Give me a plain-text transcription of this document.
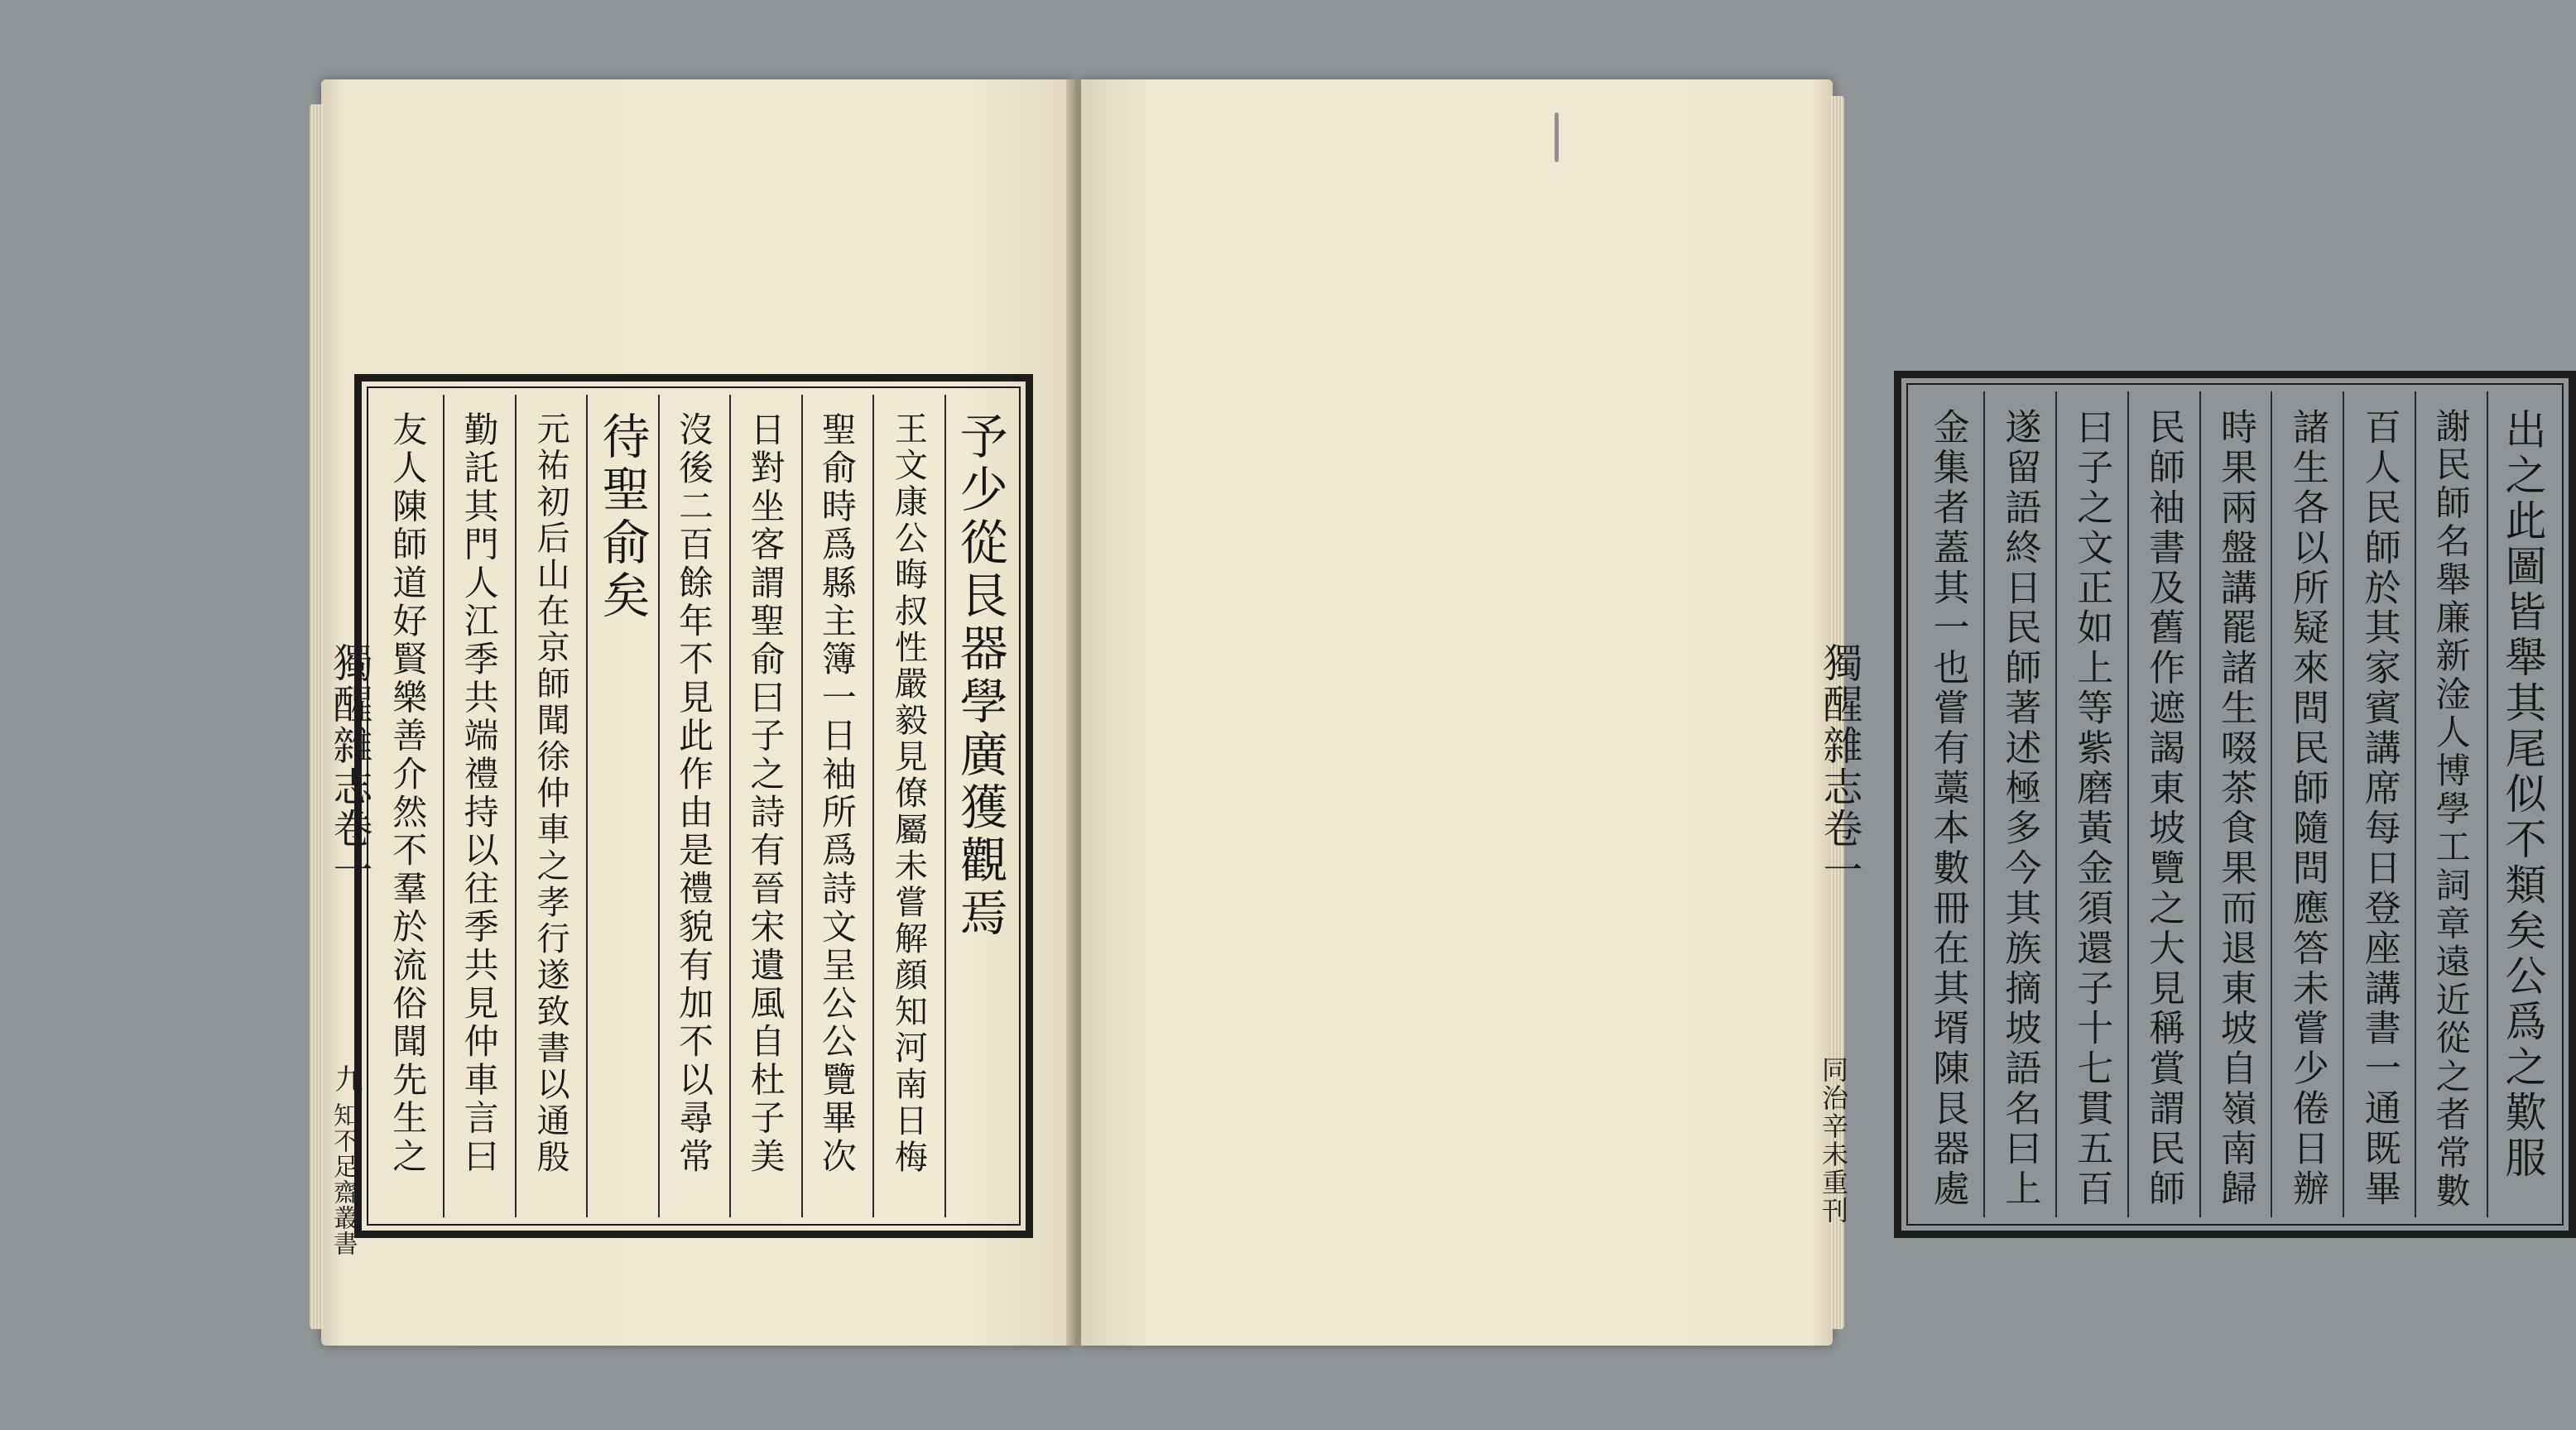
予少從艮器學廣獲觀焉
王文康公晦叔性嚴毅見僚屬未嘗解顔知河南日梅
聖俞時爲縣主簿一日袖所爲詩文呈公公覽畢次
日對坐客謂聖俞曰子之詩有晉宋遺風自杜子美
沒後二百餘年不見此作由是禮貌有加不以尋常
待聖俞矣
元祐初后山在京師聞徐仲車之孝行遂致書以通殷
勤託其門人江季共端禮持以往季共見仲車言曰
友人陳師道好賢樂善介然不羣於流俗聞先生之
獨醒雜志卷一
九
知不足齋叢書	出之此圖皆舉其尾似不類矣公爲之歎服
謝民師名舉廉新淦人博學工詞章遠近從之者常數
百人民師於其家賓講席每日登座講書一通既畢
諸生各以所疑來問民師隨問應答未嘗少倦日辦
時果兩盤講罷諸生啜茶食果而退東坡自嶺南歸
民師袖書及舊作遮謁東坡覽之大見稱賞謂民師
曰子之文正如上等紫磨黃金須還子十七貫五百
遂留語終日民師著述極多今其族摘坡語名曰上
金集者蓋其一也嘗有藁本數冊在其壻陳艮器處
獨醒雜志卷一
同治辛未重刊
